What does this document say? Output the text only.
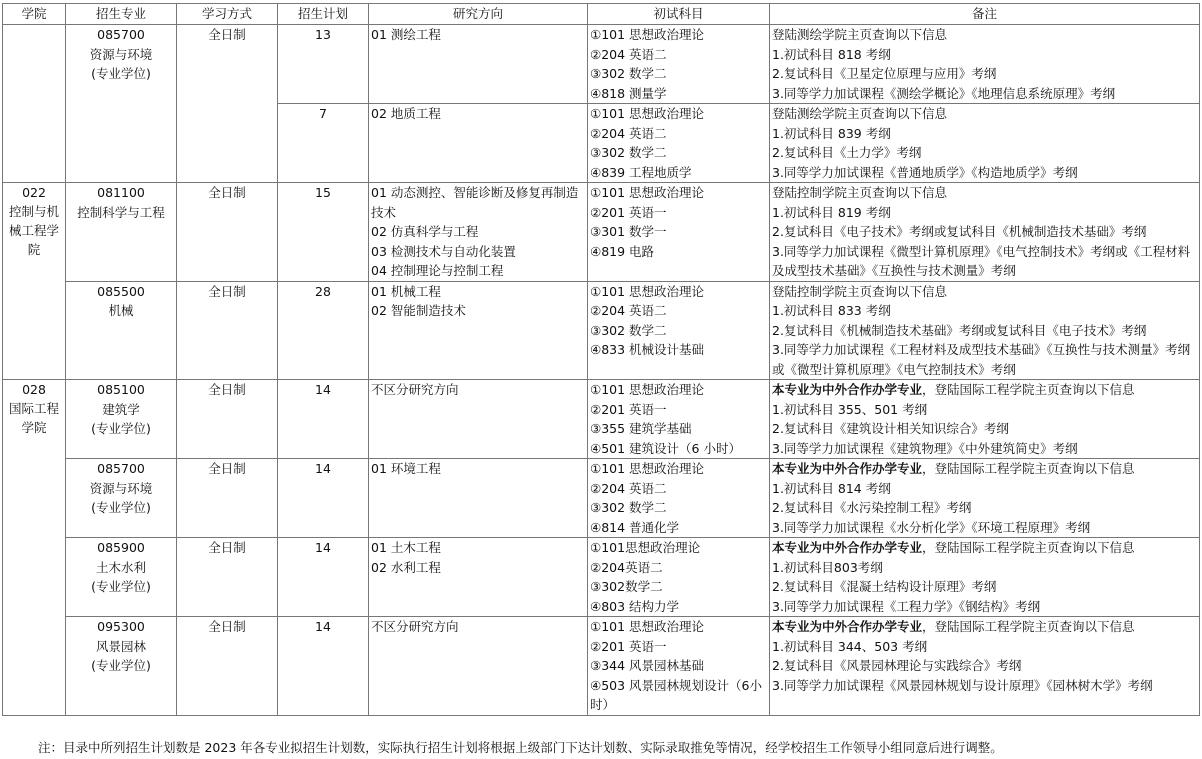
学院	招生专业	学习方式	招生计划	研究方向	初试科目	备注

	085700
资源与环境
(专业学位)	全日制	13	01 测绘工程	①101 思想政治理论
②204 英语二
③302 数学二
④818 测量学	登陆测绘学院主页查询以下信息
1.初试科目 818 考纲
2.复试科目《卫星定位原理与应用》考纲
3.同等学力加试课程《测绘学概论》《地理信息系统原理》考纲

			7	02 地质工程	①101 思想政治理论
②204 英语二
③302 数学二
④839 工程地质学	登陆测绘学院主页查询以下信息
1.初试科目 839 考纲
2.复试科目《土力学》考纲
3.同等学力加试课程《普通地质学》《构造地质学》考纲

022
控制与机械工程学院	081100
控制科学与工程	全日制	15	01 动态测控、智能诊断及修复再制造技术
02 仿真科学与工程
03 检测技术与自动化装置
04 控制理论与控制工程	①101 思想政治理论
②201 英语一
③301 数学一
④819 电路	登陆控制学院主页查询以下信息
1.初试科目 819 考纲
2.复试科目《电子技术》考纲或复试科目《机械制造技术基础》考纲
3.同等学力加试课程《微型计算机原理》《电气控制技术》考纲或《工程材料及成型技术基础》《互换性与技术测量》考纲

	085500
机械	全日制	28	01 机械工程
02 智能制造技术	①101 思想政治理论
②204 英语二
③302 数学二
④833 机械设计基础	登陆控制学院主页查询以下信息
1.初试科目 833 考纲
2.复试科目《机械制造技术基础》考纲或复试科目《电子技术》考纲
3.同等学力加试课程《工程材料及成型技术基础》《互换性与技术测量》考纲或《微型计算机原理》《电气控制技术》考纲

028
国际工程学院	085100
建筑学
(专业学位)	全日制	14	不区分研究方向	①101 思想政治理论
②201 英语一
③355 建筑学基础
④501 建筑设计（6 小时）	本专业为中外合作办学专业，登陆国际工程学院主页查询以下信息
1.初试科目 355、501 考纲
2.复试科目《建筑设计相关知识综合》考纲
3.同等学力加试课程《建筑物理》《中外建筑简史》考纲

	085700
资源与环境
(专业学位)	全日制	14	01 环境工程	①101 思想政治理论
②204 英语二
③302 数学二
④814 普通化学	本专业为中外合作办学专业，登陆国际工程学院主页查询以下信息
1.初试科目 814 考纲
2.复试科目《水污染控制工程》考纲
3.同等学力加试课程《水分析化学》《环境工程原理》考纲

	085900
土木水利
(专业学位)	全日制	14	01 土木工程
02 水利工程	①101思想政治理论
②204英语二
③302数学二
④803 结构力学	本专业为中外合作办学专业，登陆国际工程学院主页查询以下信息
1.初试科目803考纲
2.复试科目《混凝土结构设计原理》考纲
3.同等学力加试课程《工程力学》《钢结构》考纲

	095300
风景园林
(专业学位)	全日制	14	不区分研究方向	①101 思想政治理论
②201 英语一
③344 风景园林基础
④503 风景园林规划设计（6小时）	本专业为中外合作办学专业，登陆国际工程学院主页查询以下信息
1.初试科目 344、503 考纲
2.复试科目《风景园林理论与实践综合》考纲
3.同等学力加试课程《风景园林规划与设计原理》《园林树木学》考纲
注：目录中所列招生计划数是 2023 年各专业拟招生计划数，实际执行招生计划将根据上级部门下达计划数、实际录取推免等情况，经学校招生工作领导小组同意后进行调整。
